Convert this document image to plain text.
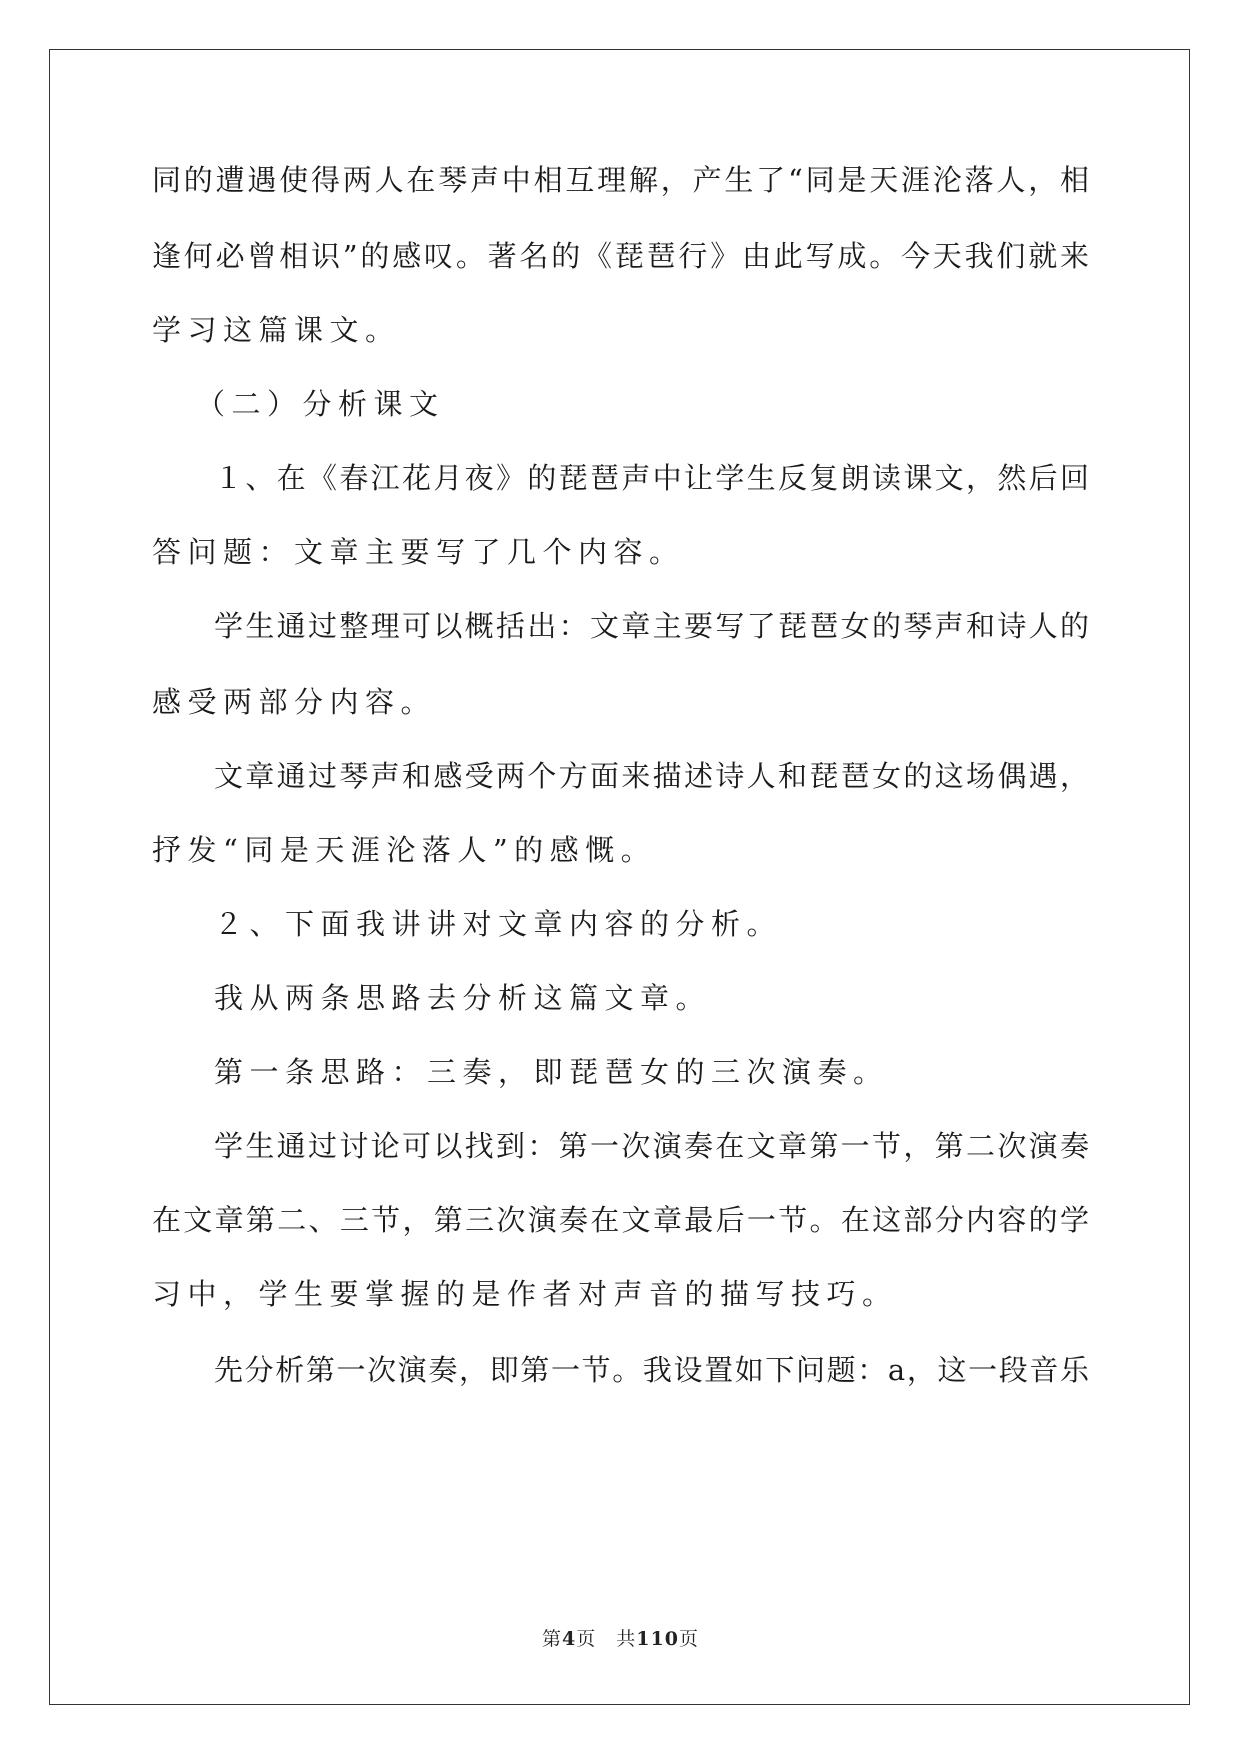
同的遭遇使得两人在琴声中相互理解，产生了“同是天涯沦落人，相
逢何必曾相识”的感叹。著名的《琵琶行》由此写成。今天我们就来
学习这篇课文。
（二）分析课文
１、在《春江花月夜》的琵琶声中让学生反复朗读课文，然后回
答问题：文章主要写了几个内容。
学生通过整理可以概括出：文章主要写了琵琶女的琴声和诗人的
感受两部分内容。
文章通过琴声和感受两个方面来描述诗人和琵琶女的这场偶遇，
抒发“同是天涯沦落人”的感慨。
２、下面我讲讲对文章内容的分析。
我从两条思路去分析这篇文章。
第一条思路：三奏，即琵琶女的三次演奏。
学生通过讨论可以找到：第一次演奏在文章第一节，第二次演奏
在文章第二、三节，第三次演奏在文章最后一节。在这部分内容的学
习中，学生要掌握的是作者对声音的描写技巧。
先分析第一次演奏，即第一节。我设置如下问题：a，这一段音乐
第4页　共110页
